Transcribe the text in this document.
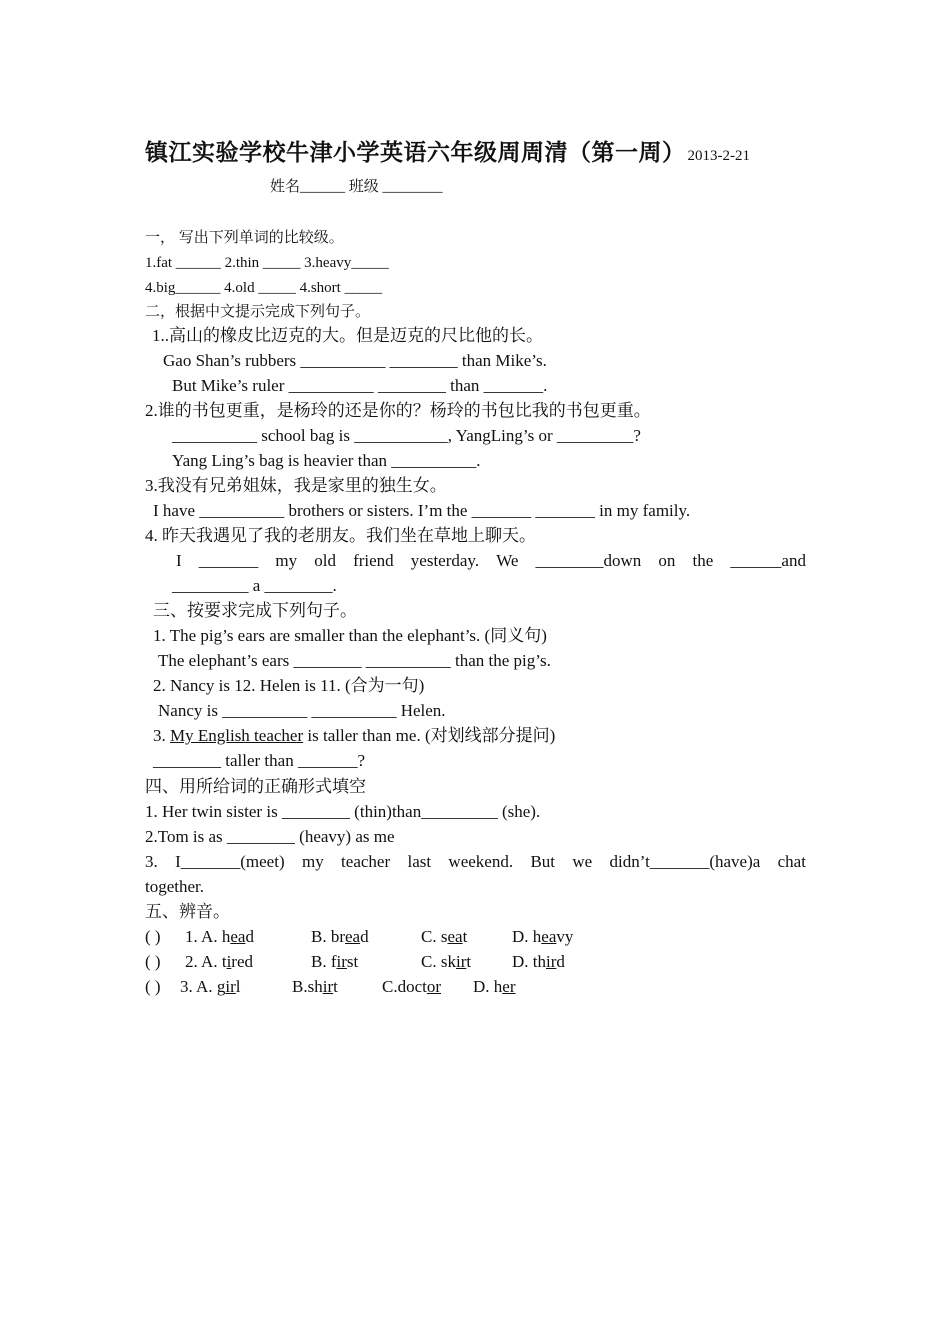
镇江实验学校牛津小学英语六年级周周清（第一周） 2013-2-21
姓名______ 班级 ________
一， 写出下列单词的比较级。
1.fat ______ 2.thin _____ 3.heavy_____
4.big______ 4.old _____ 4.short _____
二，根据中文提示完成下列句子。
1..高山的橡皮比迈克的大。但是迈克的尺比他的长。
Gao Shan’s rubbers __________ ________ than Mike’s.
But Mike’s ruler __________ ________ than _______.
2.谁的书包更重，是杨玲的还是你的？杨玲的书包比我的书包更重。
__________ school bag is ___________, YangLing’s or _________?
Yang Ling’s bag is heavier than __________.
3.我没有兄弟姐妹，我是家里的独生女。
I have __________ brothers or sisters. I’m the _______ _______ in my family.
4. 昨天我遇见了我的老朋友。我们坐在草地上聊天。
I _______ my old friend yesterday. We ________down on the ______and
_________ a ________.
三、按要求完成下列句子。
1. The pig’s ears are smaller than the elephant’s. (同义句)
The elephant’s ears ________ __________ than the pig’s.
2. Nancy is 12. Helen is 11. (合为一句)
Nancy is __________ __________ Helen.
3. My English teacher is taller than me. (对划线部分提问)
________ taller than _______?
四、用所给词的正确形式填空
1. Her twin sister is ________ (thin)than_________ (she).
2.Tom is as ________ (heavy) as me
3. I_______(meet) my teacher last weekend. But we didn’t_______(have)a chat
together.
五、辨音。
( ) 1. A. head	B. bread	C. seat	D. heavy
( ) 2. A. tired	B. first	C. skirt D. third
( ) 3. A. girl	B.shirt	C.doctor D. her
